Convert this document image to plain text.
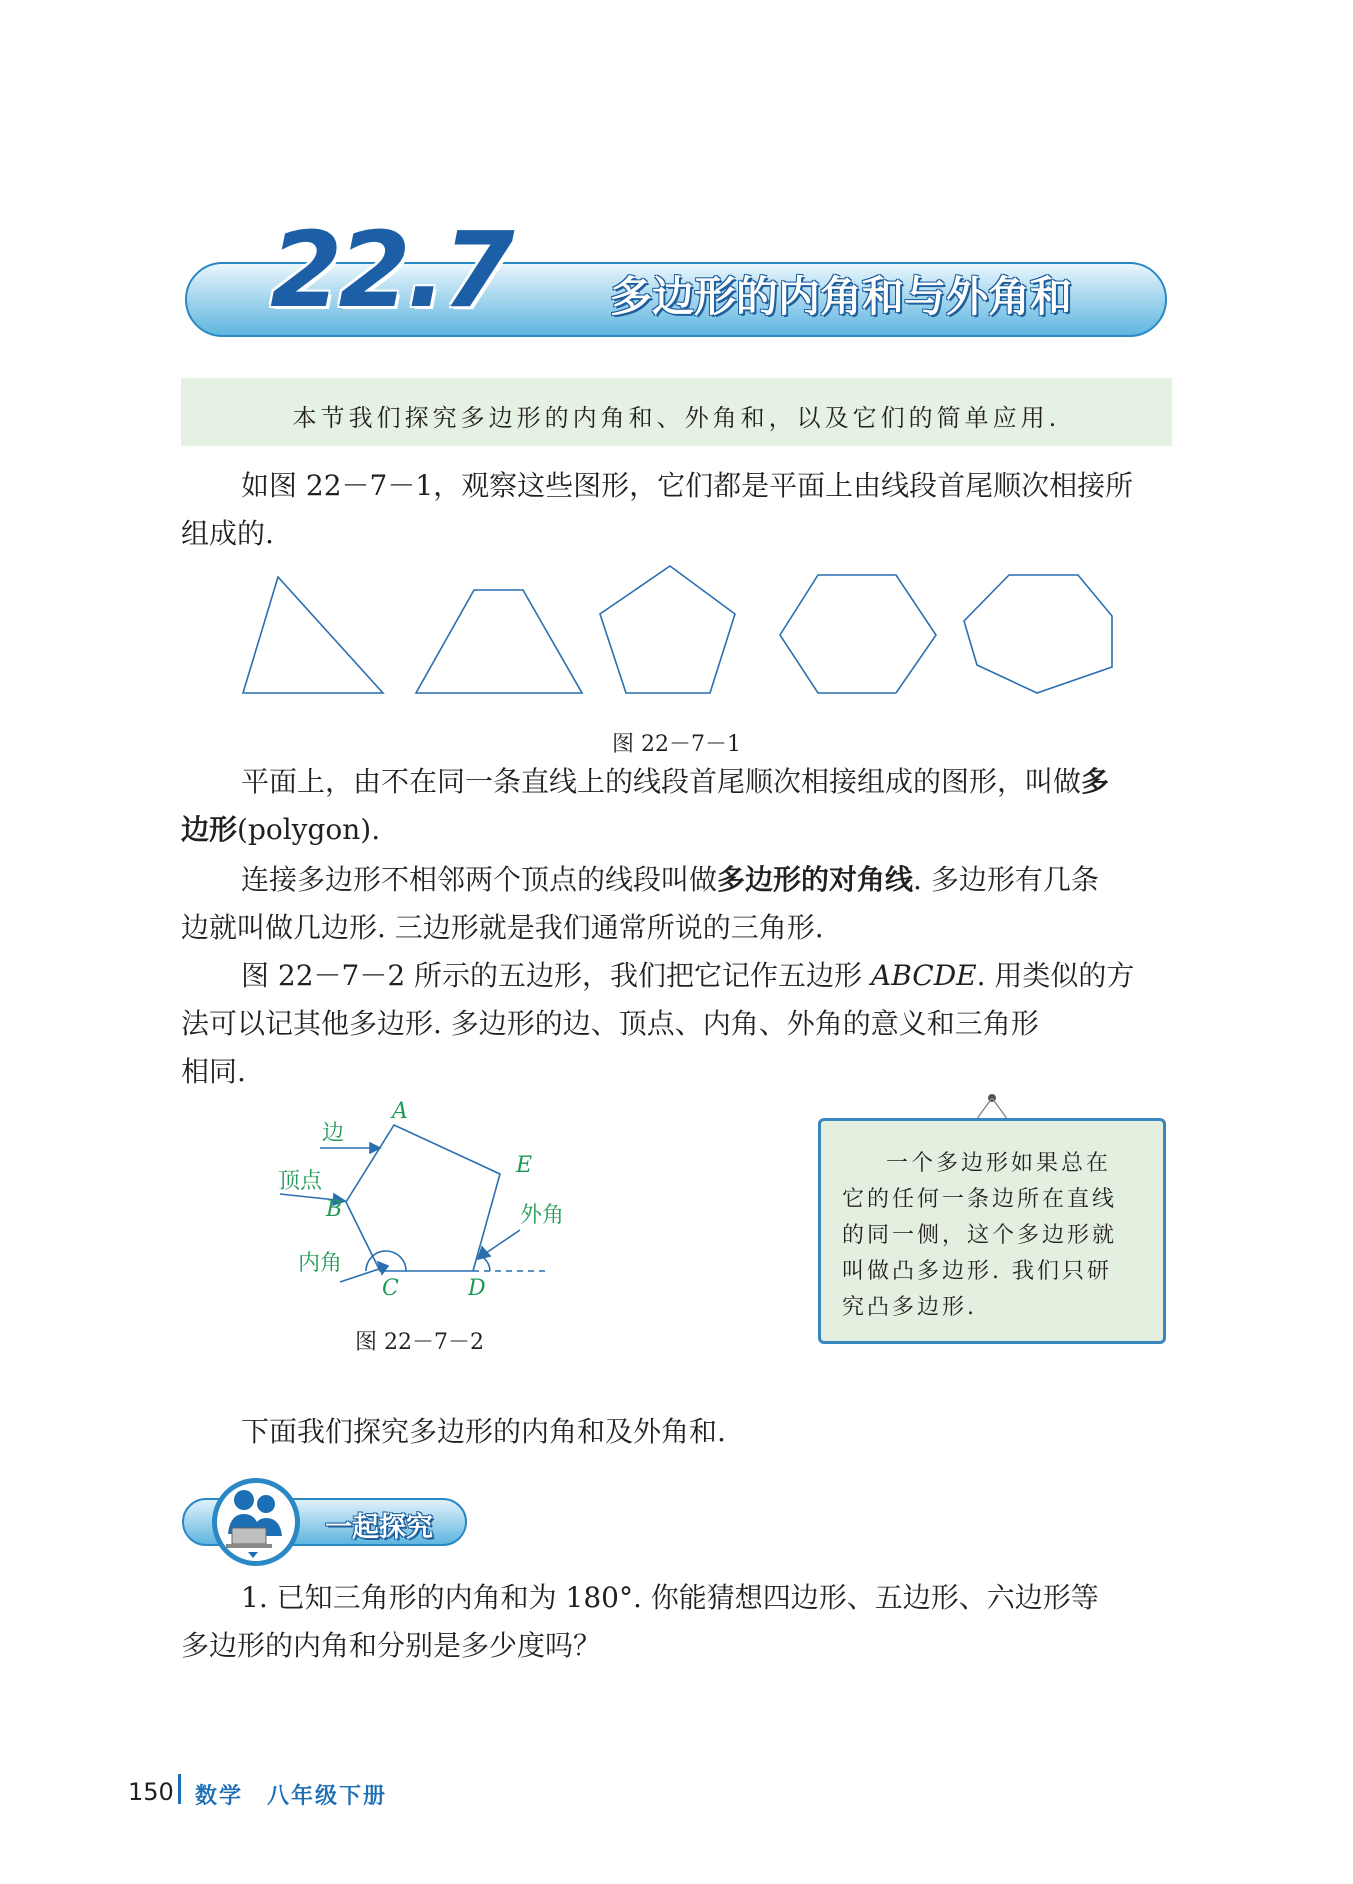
22.7 多边形的内角和与外角和
本节我们探究多边形的内角和、外角和，以及它们的简单应用.

如图 22－7－1，观察这些图形，它们都是平面上由线段首尾顺次相接所

组成的.

图 22－7－1

平面上，由不在同一条直线上的线段首尾顺次相接组成的图形，叫做多

边形(polygon).

连接多边形不相邻两个顶点的线段叫做多边形的对角线. 多边形有几条

边就叫做几边形. 三边形就是我们通常所说的三角形.

图 22－7－2 所示的五边形，我们把它记作五边形 ABCDE. 用类似的方

法可以记其他多边形. 多边形的边、顶点、内角、外角的意义和三角形

相同.

边
顶点
内角
外角
A
B
C	D
E
图 22－7－2

一个多边形如果总在

它的任何一条边所在直线

的同一侧，这个多边形就

叫做凸多边形. 我们只研

究凸多边形.

下面我们探究多边形的内角和及外角和.

一起探究

1. 已知三角形的内角和为 180°. 你能猜想四边形、五边形、六边形等

多边形的内角和分别是多少度吗？

150 数学　八年级下册
